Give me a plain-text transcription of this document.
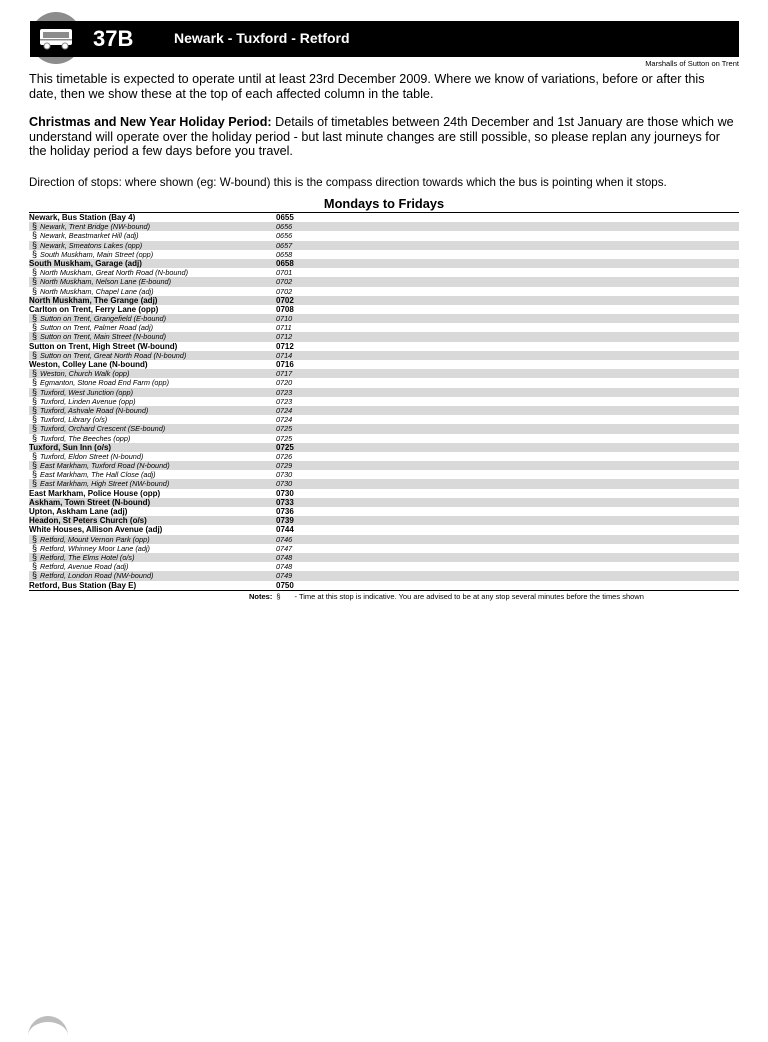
37B	Newark - Tuxford - Retford
Marshalls of Sutton on Trent

This timetable is expected to operate until at least 23rd December 2009. Where we know of variations, before or after this date, then we show these at the top of each affected column in the table.

Christmas and New Year Holiday Period: Details of timetables between 24th December and 1st January are those which we understand will operate over the holiday period - but last minute changes are still possible, so please replan any journeys for the holiday period a few days before you travel.

Direction of stops: where shown (eg: W-bound) this is the compass direction towards which the bus is pointing when it stops.

Mondays to Fridays
Newark, Bus Station (Bay 4)	0655
§ Newark, Trent Bridge (NW-bound)	0656
§ Newark, Beastmarket Hill (adj)	0656
§ Newark, Smeatons Lakes (opp)	0657
§ South Muskham, Main Street (opp)	0658
South Muskham, Garage (adj)	0658
§ North Muskham, Great North Road (N-bound)	0701
§ North Muskham, Nelson Lane (E-bound)	0702
§ North Muskham, Chapel Lane (adj)	0702
North Muskham, The Grange (adj)	0702
Carlton on Trent, Ferry Lane (opp)	0708
§ Sutton on Trent, Grangefield (E-bound)	0710
§ Sutton on Trent, Palmer Road (adj)	0711
§ Sutton on Trent, Main Street (N-bound)	0712
Sutton on Trent, High Street (W-bound)	0712
§ Sutton on Trent, Great North Road (N-bound)	0714
Weston, Colley Lane (N-bound)	0716
§ Weston, Church Walk (opp)	0717
§ Egmanton, Stone Road End Farm (opp)	0720
§ Tuxford, West Junction (opp)	0723
§ Tuxford, Linden Avenue (opp)	0723
§ Tuxford, Ashvale Road (N-bound)	0724
§ Tuxford, Library (o/s)	0724
§ Tuxford, Orchard Crescent (SE-bound)	0725
§ Tuxford, The Beeches (opp)	0725
Tuxford, Sun Inn (o/s)	0725
§ Tuxford, Eldon Street (N-bound)	0726
§ East Markham, Tuxford Road (N-bound)	0729
§ East Markham, The Hall Close (adj)	0730
§ East Markham, High Street (NW-bound)	0730
East Markham, Police House (opp)	0730
Askham, Town Street (N-bound)	0733
Upton, Askham Lane (adj)	0736
Headon, St Peters Church (o/s)	0739
White Houses, Allison Avenue (adj)	0744
§ Retford, Mount Vernon Park (opp)	0746
§ Retford, Whinney Moor Lane (adj)	0747
§ Retford, The Elms Hotel (o/s)	0748
§ Retford, Avenue Road (adj)	0748
§ Retford, London Road (NW-bound)	0749
Retford, Bus Station (Bay E)	0750
Notes: § - Time at this stop is indicative. You are advised to be at any stop several minutes before the times shown
